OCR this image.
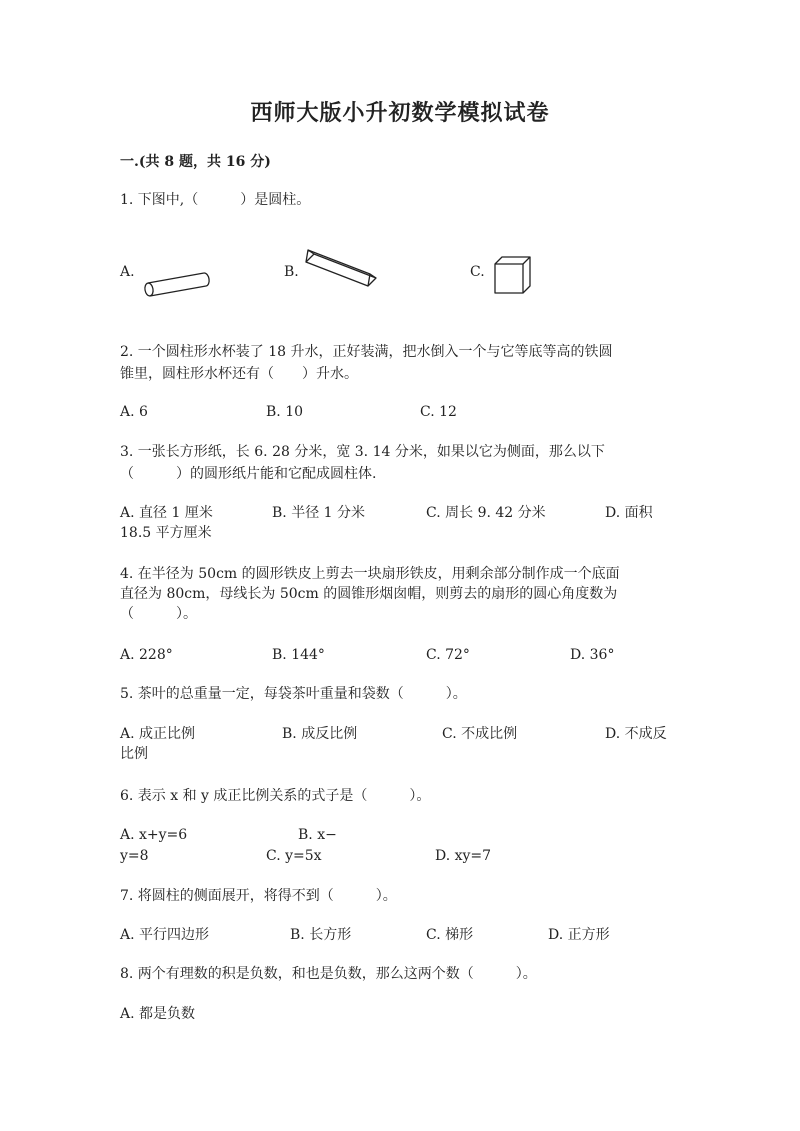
西师大版小升初数学模拟试卷
一.(共 8 题，共 16 分)
1. 下图中,（　　　）是圆柱。
A.	B.	C.
2. 一个圆柱形水杯装了 18 升水，正好装满，把水倒入一个与它等底等高的铁圆
锥里，圆柱形水杯还有（　　）升水。
A. 6	B. 10	C. 12
3. 一张长方形纸，长 6. 28 分米，宽 3. 14 分米，如果以它为侧面，那么以下
（　　　）的圆形纸片能和它配成圆柱体.
A. 直径 1 厘米	B. 半径 1 分米	C. 周长 9. 42 分米	D. 面积
18.5 平方厘米
4. 在半径为 50cm 的圆形铁皮上剪去一块扇形铁皮，用剩余部分制作成一个底面
直径为 80cm，母线长为 50cm 的圆锥形烟囱帽，则剪去的扇形的圆心角度数为
（　　　）。
A. 228°	B. 144°	C. 72°	D. 36°
5. 茶叶的总重量一定，每袋茶叶重量和袋数（　　　）。
A. 成正比例	B. 成反比例	C. 不成比例	D. 不成反
比例
6. 表示 x 和 y 成正比例关系的式子是（　　　）。
A. x+y=6	B. x−
y=8	C. y=5x	D. xy=7
7. 将圆柱的侧面展开，将得不到（　　　）。
A. 平行四边形	B. 长方形	C. 梯形	D. 正方形
8. 两个有理数的积是负数，和也是负数，那么这两个数（　　　）。
A. 都是负数
